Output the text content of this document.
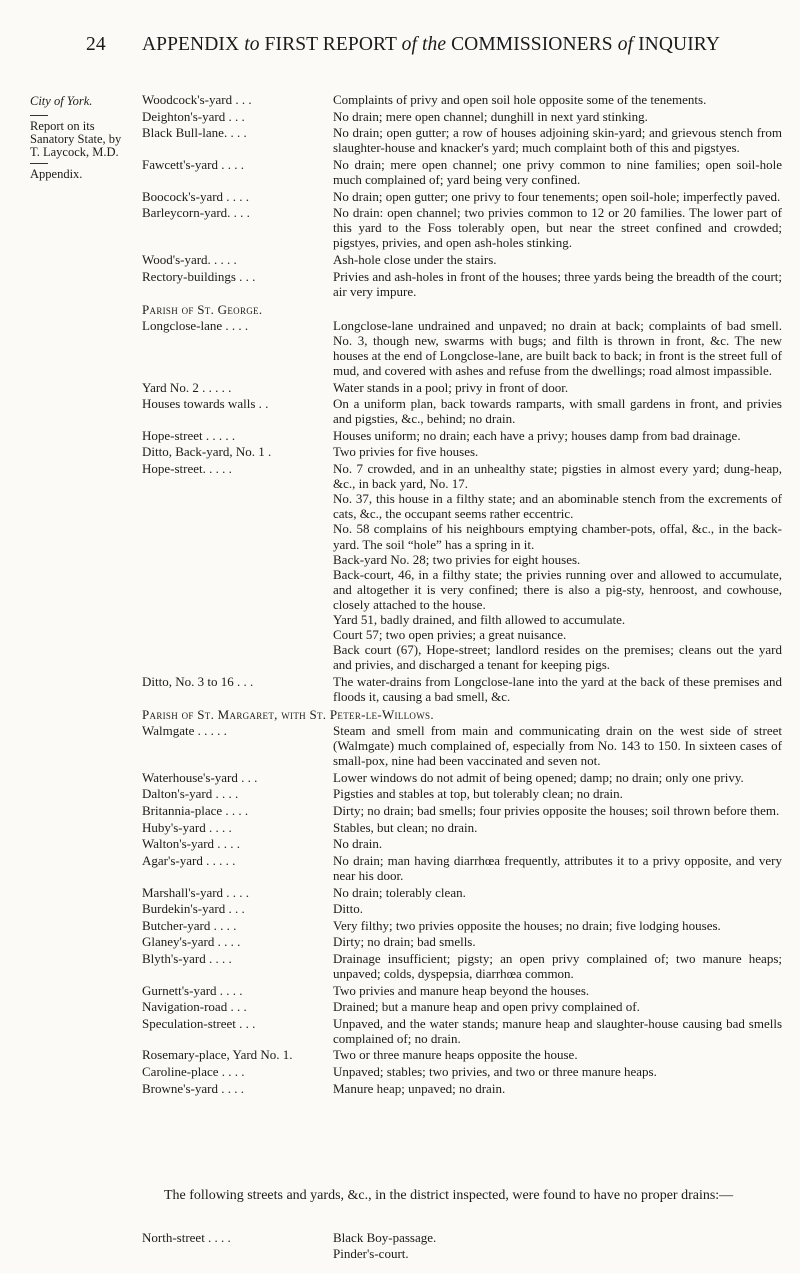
24 APPENDIX to FIRST REPORT of the COMMISSIONERS of INQUIRY
City of York.
Report on its
Sanatory State, by
T. Laycock, M.D.
Appendix.
Woodcock's-yard . . .	Complaints of privy and open soil hole opposite some of the tenements.

Deighton's-yard . . .	No drain; mere open channel; dunghill in next yard stinking.

Black Bull-lane. . . .	No drain; open gutter; a row of houses adjoining skin-yard; and grievous stench from slaughter-house and knacker's yard; much complaint both of this and pigstyes.

Fawcett's-yard . . . .	No drain; mere open channel; one privy common to nine families; open soil-hole much complained of; yard being very confined.

Boocock's-yard . . . .	No drain; open gutter; one privy to four tenements; open soil-hole; imperfectly paved.

Barleycorn-yard. . . .	No drain: open channel; two privies common to 12 or 20 families. The lower part of this yard to the Foss tolerably open, but near the street confined and crowded; pigstyes, privies, and open ash-holes stinking.

Wood's-yard. . . . .	Ash-hole close under the stairs.

Rectory-buildings . . .	Privies and ash-holes in front of the houses; three yards being the breadth of the court; air very impure.

Parish of St. George.
Longclose-lane . . . .	Longclose-lane undrained and unpaved; no drain at back; complaints of bad smell. No. 3, though new, swarms with bugs; and filth is thrown in front, &c. The new houses at the end of Longclose-lane, are built back to back; in front is the street full of mud, and covered with ashes and refuse from the dwellings; road almost impassible.

Yard No. 2 . . . . .	Water stands in a pool; privy in front of door.

Houses towards walls . .	On a uniform plan, back towards ramparts, with small gardens in front, and privies and pigsties, &c., behind; no drain.

Hope-street . . . . .	Houses uniform; no drain; each have a privy; houses damp from bad drainage.

Ditto, Back-yard, No. 1 .	Two privies for five houses.

Hope-street. . . . .	No. 7 crowded, and in an unhealthy state; pigsties in almost every yard; dung-heap, &c., in back yard, No. 17.

No. 37, this house in a filthy state; and an abominable stench from the excrements of cats, &c., the occupant seems rather eccentric.

No. 58 complains of his neighbours emptying chamber-pots, offal, &c., in the back-yard. The soil “hole” has a spring in it.

Back-yard No. 28; two privies for eight houses.

Back-court, 46, in a filthy state; the privies running over and allowed to accumulate, and altogether it is very confined; there is also a pig-sty, henroost, and cowhouse, closely attached to the house.

Yard 51, badly drained, and filth allowed to accumulate.

Court 57; two open privies; a great nuisance.

Back court (67), Hope-street; landlord resides on the premises; cleans out the yard and privies, and discharged a tenant for keeping pigs.

Ditto, No. 3 to 16 . . .	The water-drains from Longclose-lane into the yard at the back of these premises and floods it, causing a bad smell, &c.

Parish of St. Margaret, with St. Peter-le-Willows.
Walmgate . . . . .	Steam and smell from main and communicating drain on the west side of street (Walmgate) much complained of, especially from No. 143 to 150. In sixteen cases of small-pox, nine had been vaccinated and seven not.

Waterhouse's-yard . . .	Lower windows do not admit of being opened; damp; no drain; only one privy.

Dalton's-yard . . . .	Pigsties and stables at top, but tolerably clean; no drain.

Britannia-place . . . .	Dirty; no drain; bad smells; four privies opposite the houses; soil thrown before them.

Huby's-yard . . . .	Stables, but clean; no drain.

Walton's-yard . . . .	No drain.

Agar's-yard . . . . .	No drain; man having diarrhœa frequently, attributes it to a privy opposite, and very near his door.

Marshall's-yard . . . .	No drain; tolerably clean.

Burdekin's-yard . . .	Ditto.

Butcher-yard . . . .	Very filthy; two privies opposite the houses; no drain; five lodging houses.

Glaney's-yard . . . .	Dirty; no drain; bad smells.

Blyth's-yard . . . .	Drainage insufficient; pigsty; an open privy complained of; two manure heaps; unpaved; colds, dyspepsia, diarrhœa common.

Gurnett's-yard . . . .	Two privies and manure heap beyond the houses.

Navigation-road . . .	Drained; but a manure heap and open privy complained of.

Speculation-street . . .	Unpaved, and the water stands; manure heap and slaughter-house causing bad smells complained of; no drain.

Rosemary-place, Yard No. 1.	Two or three manure heaps opposite the house.

Caroline-place . . . .	Unpaved; stables; two privies, and two or three manure heaps.

Browne's-yard . . . .	Manure heap; unpaved; no drain.

The following streets and yards, &c., in the district inspected, were found to have no proper drains:—
North-street . . . .	Black Boy-passage.
Pinder's-court.
